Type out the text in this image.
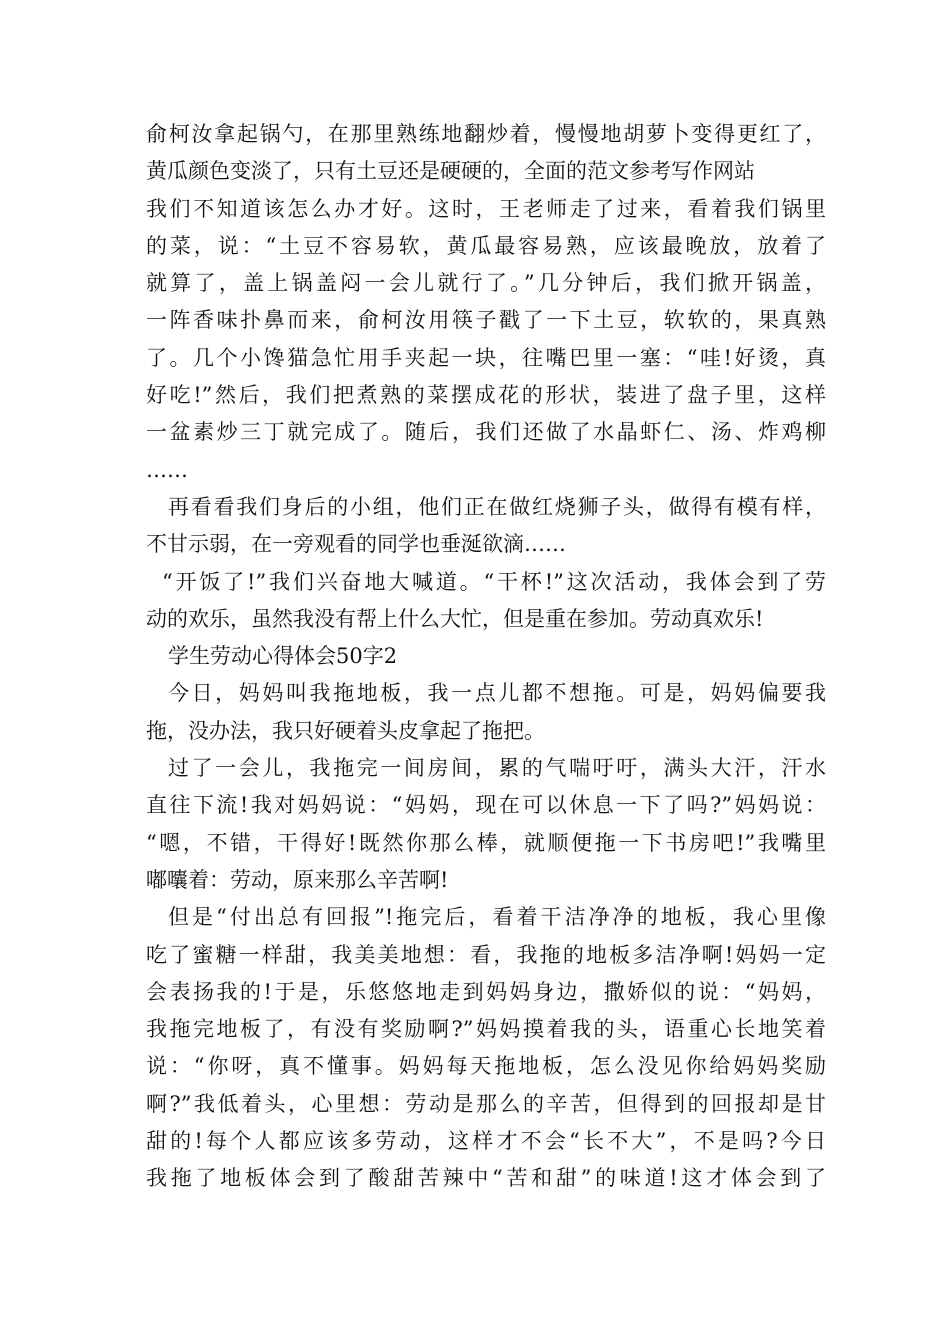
俞柯汝拿起锅勺，在那里熟练地翻炒着，慢慢地胡萝卜变得更红了，
黄瓜颜色变淡了，只有土豆还是硬硬的，全面的范文参考写作网站
我们不知道该怎么办才好。这时，王老师走了过来，看着我们锅里
的菜，说：“土豆不容易软，黄瓜最容易熟，应该最晚放，放着了
就算了，盖上锅盖闷一会儿就行了。”几分钟后，我们掀开锅盖，
一阵香味扑鼻而来，俞柯汝用筷子戳了一下土豆，软软的，果真熟
了。几个小馋猫急忙用手夹起一块，往嘴巴里一塞：“哇!好烫，真
好吃!”然后，我们把煮熟的菜摆成花的形状，装进了盘子里，这样
一盆素炒三丁就完成了。随后，我们还做了水晶虾仁、汤、炸鸡柳
……
再看看我们身后的小组，他们正在做红烧狮子头，做得有模有样，
不甘示弱，在一旁观看的同学也垂涎欲滴……
“开饭了!”我们兴奋地大喊道。“干杯!”这次活动，我体会到了劳
动的欢乐，虽然我没有帮上什么大忙，但是重在参加。劳动真欢乐!
学生劳动心得体会50字2
今日，妈妈叫我拖地板，我一点儿都不想拖。可是，妈妈偏要我
拖，没办法，我只好硬着头皮拿起了拖把。
过了一会儿，我拖完一间房间，累的气喘吁吁，满头大汗，汗水
直往下流!我对妈妈说：“妈妈，现在可以休息一下了吗?”妈妈说：
“嗯，不错，干得好!既然你那么棒，就顺便拖一下书房吧!”我嘴里
嘟囔着：劳动，原来那么辛苦啊!
但是“付出总有回报”!拖完后，看着干洁净净的地板，我心里像
吃了蜜糖一样甜，我美美地想：看，我拖的地板多洁净啊!妈妈一定
会表扬我的!于是，乐悠悠地走到妈妈身边，撒娇似的说：“妈妈，
我拖完地板了，有没有奖励啊?”妈妈摸着我的头，语重心长地笑着
说：“你呀，真不懂事。妈妈每天拖地板，怎么没见你给妈妈奖励
啊?”我低着头，心里想：劳动是那么的辛苦，但得到的回报却是甘
甜的!每个人都应该多劳动，这样才不会“长不大”，不是吗?今日
我拖了地板体会到了酸甜苦辣中“苦和甜”的味道!这才体会到了
